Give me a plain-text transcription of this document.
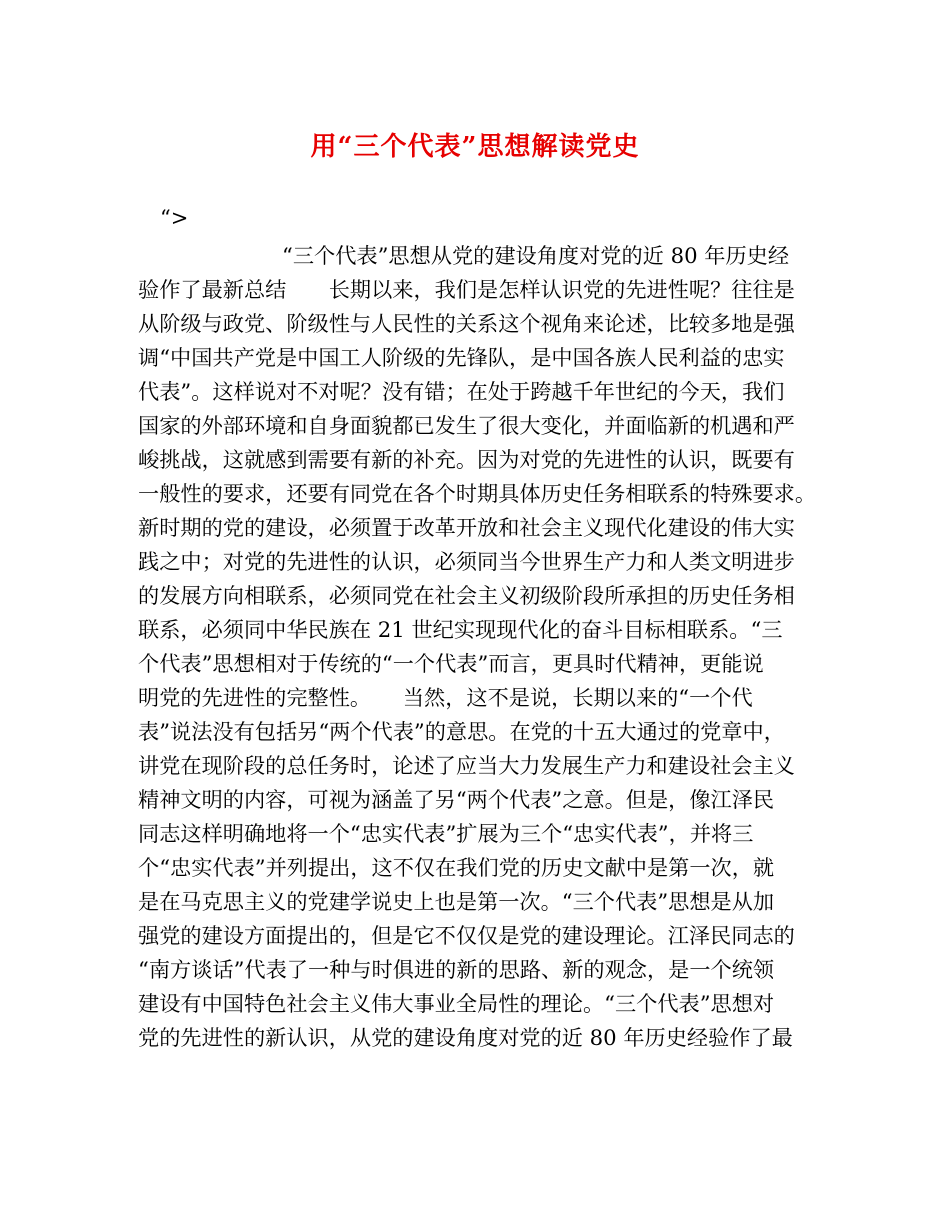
用“三个代表”思想解读党史
“>
“三个代表”思想从党的建设角度对党的近 80 年历史经
验作了最新总结　　长期以来，我们是怎样认识党的先进性呢？往往是
从阶级与政党、阶级性与人民性的关系这个视角来论述，比较多地是强
调“中国共产党是中国工人阶级的先锋队，是中国各族人民利益的忠实
代表”。这样说对不对呢？没有错；在处于跨越千年世纪的今天，我们
国家的外部环境和自身面貌都已发生了很大变化，并面临新的机遇和严
峻挑战，这就感到需要有新的补充。因为对党的先进性的认识，既要有
一般性的要求，还要有同党在各个时期具体历史任务相联系的特殊要求。
新时期的党的建设，必须置于改革开放和社会主义现代化建设的伟大实
践之中；对党的先进性的认识，必须同当今世界生产力和人类文明进步
的发展方向相联系，必须同党在社会主义初级阶段所承担的历史任务相
联系，必须同中华民族在 21 世纪实现现代化的奋斗目标相联系。“三
个代表”思想相对于传统的“一个代表”而言，更具时代精神，更能说
明党的先进性的完整性。　　当然，这不是说，长期以来的“一个代
表”说法没有包括另“两个代表”的意思。在党的十五大通过的党章中，
讲党在现阶段的总任务时，论述了应当大力发展生产力和建设社会主义
精神文明的内容，可视为涵盖了另“两个代表”之意。但是，像江泽民
同志这样明确地将一个“忠实代表”扩展为三个“忠实代表”，并将三
个“忠实代表”并列提出，这不仅在我们党的历史文献中是第一次，就
是在马克思主义的党建学说史上也是第一次。“三个代表”思想是从加
强党的建设方面提出的，但是它不仅仅是党的建设理论。江泽民同志的
“南方谈话”代表了一种与时俱进的新的思路、新的观念，是一个统领
建设有中国特色社会主义伟大事业全局性的理论。“三个代表”思想对
党的先进性的新认识，从党的建设角度对党的近 80 年历史经验作了最
